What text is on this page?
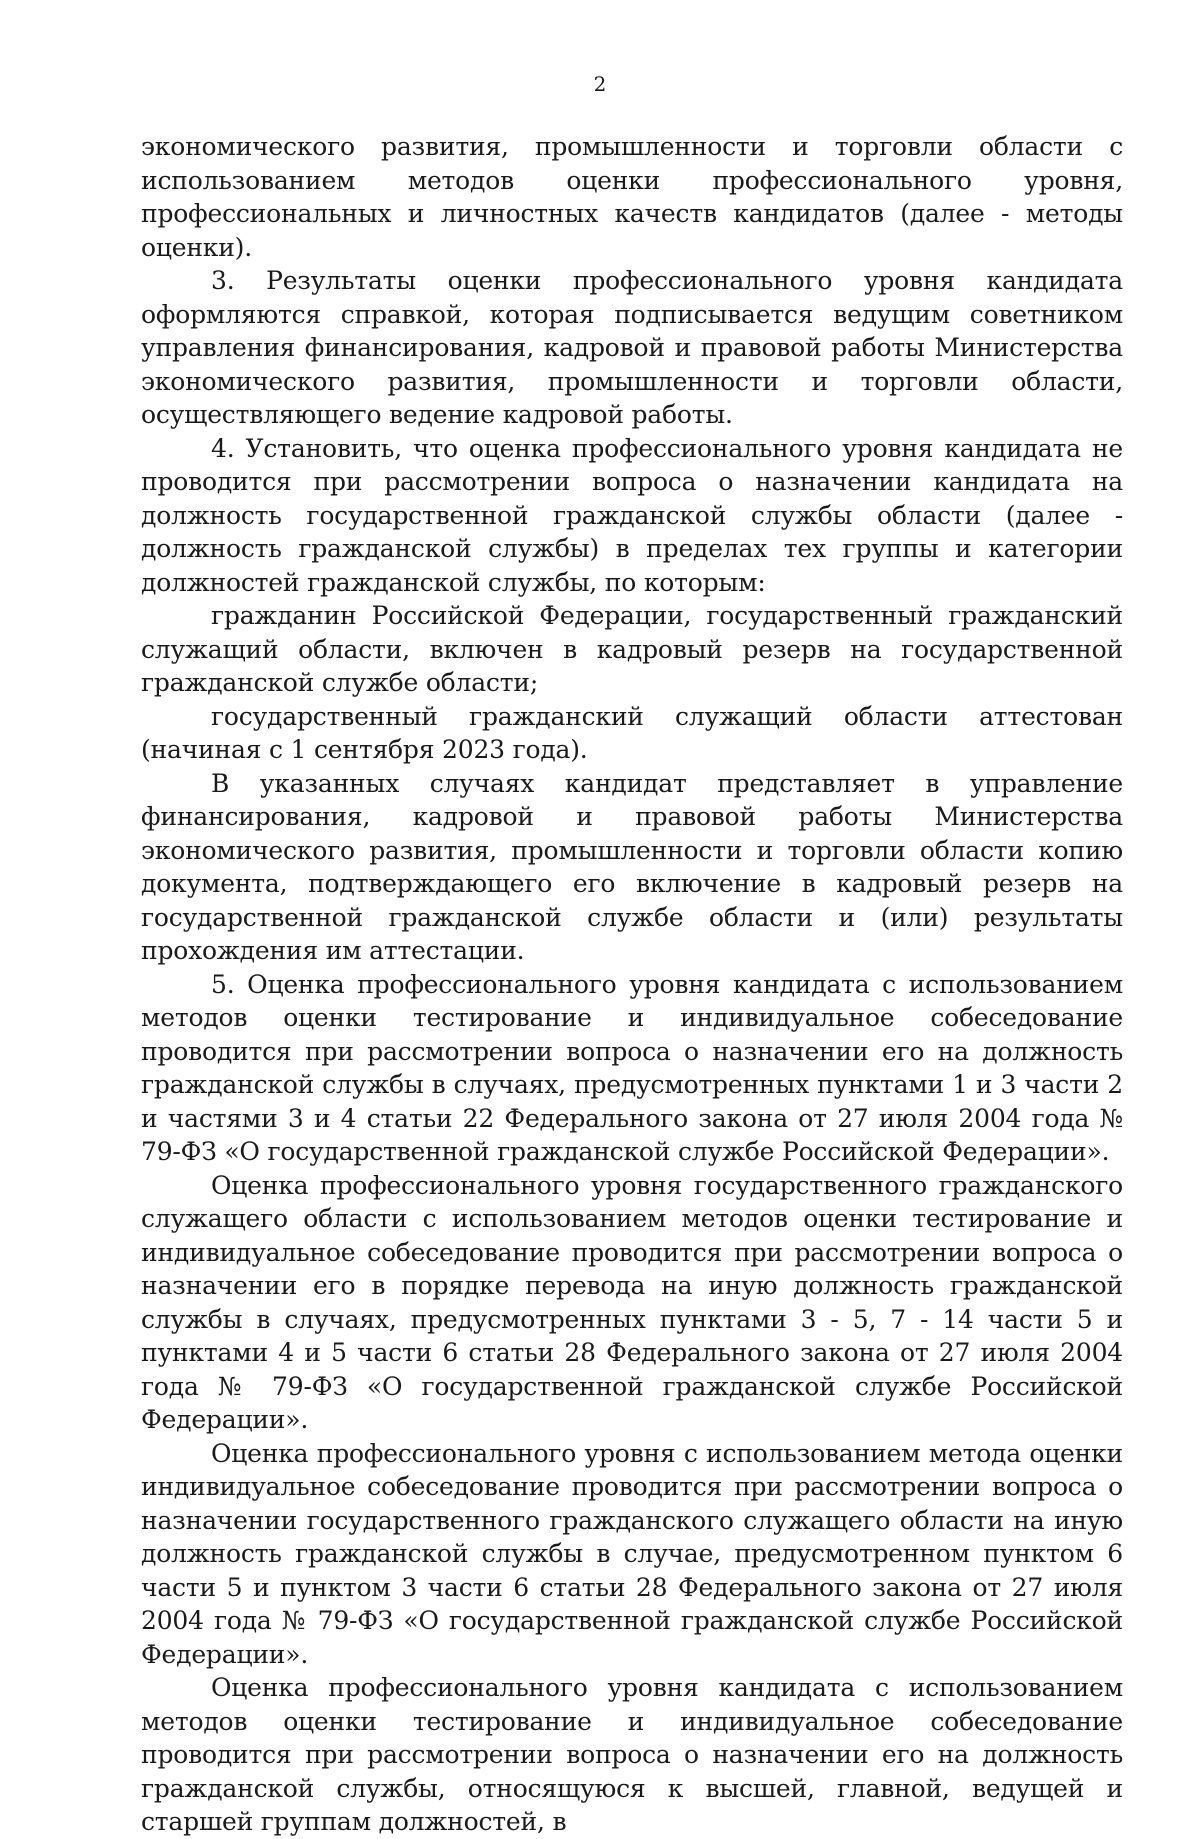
2

экономического развития, промышленности и торговли области с использованием методов оценки профессионального уровня, профессиональных и личностных качеств кандидатов (далее - методы оценки).

3. Результаты оценки профессионального уровня кандидата оформляются справкой, которая подписывается ведущим советником управления финансирования, кадровой и правовой работы Министерства экономического развития, промышленности и торговли области, осуществляющего ведение кадровой работы.

4. Установить, что оценка профессионального уровня кандидата не проводится при рассмотрении вопроса о назначении кандидата на должность государственной гражданской службы области (далее - должность гражданской службы) в пределах тех группы и категории должностей гражданской службы, по которым:

гражданин Российской Федерации, государственный гражданский служащий области, включен в кадровый резерв на государственной гражданской службе области;

государственный гражданский служащий области аттестован (начиная с 1 сентября 2023 года).

В указанных случаях кандидат представляет в управление финансирования, кадровой и правовой работы Министерства экономического развития, промышленности и торговли области копию документа, подтверждающего его включение в кадровый резерв на государственной гражданской службе области и (или) результаты прохождения им аттестации.

5. Оценка профессионального уровня кандидата с использованием методов оценки тестирование и индивидуальное собеседование проводится при рассмотрении вопроса о назначении его на должность гражданской службы в случаях, предусмотренных пунктами 1 и 3 части 2 и частями 3 и 4 статьи 22 Федерального закона от 27 июля 2004 года № 79-ФЗ «О государственной гражданской службе Российской Федерации».

Оценка профессионального уровня государственного гражданского служащего области с использованием методов оценки тестирование и индивидуальное собеседование проводится при рассмотрении вопроса о назначении его в порядке перевода на иную должность гражданской службы в случаях, предусмотренных пунктами 3 - 5, 7 - 14 части 5 и пунктами 4 и 5 части 6 статьи 28 Федерального закона от 27 июля 2004 года № 79-ФЗ «О государственной гражданской службе Российской Федерации».

Оценка профессионального уровня с использованием метода оценки индивидуальное собеседование проводится при рассмотрении вопроса о назначении государственного гражданского служащего области на иную должность гражданской службы в случае, предусмотренном пунктом 6 части 5 и пунктом 3 части 6 статьи 28 Федерального закона от 27 июля 2004 года № 79-ФЗ «О государственной гражданской службе Российской Федерации».

Оценка профессионального уровня кандидата с использованием методов оценки тестирование и индивидуальное собеседование проводится при рассмотрении вопроса о назначении его на должность гражданской службы, относящуюся к высшей, главной, ведущей и старшей группам должностей, в
